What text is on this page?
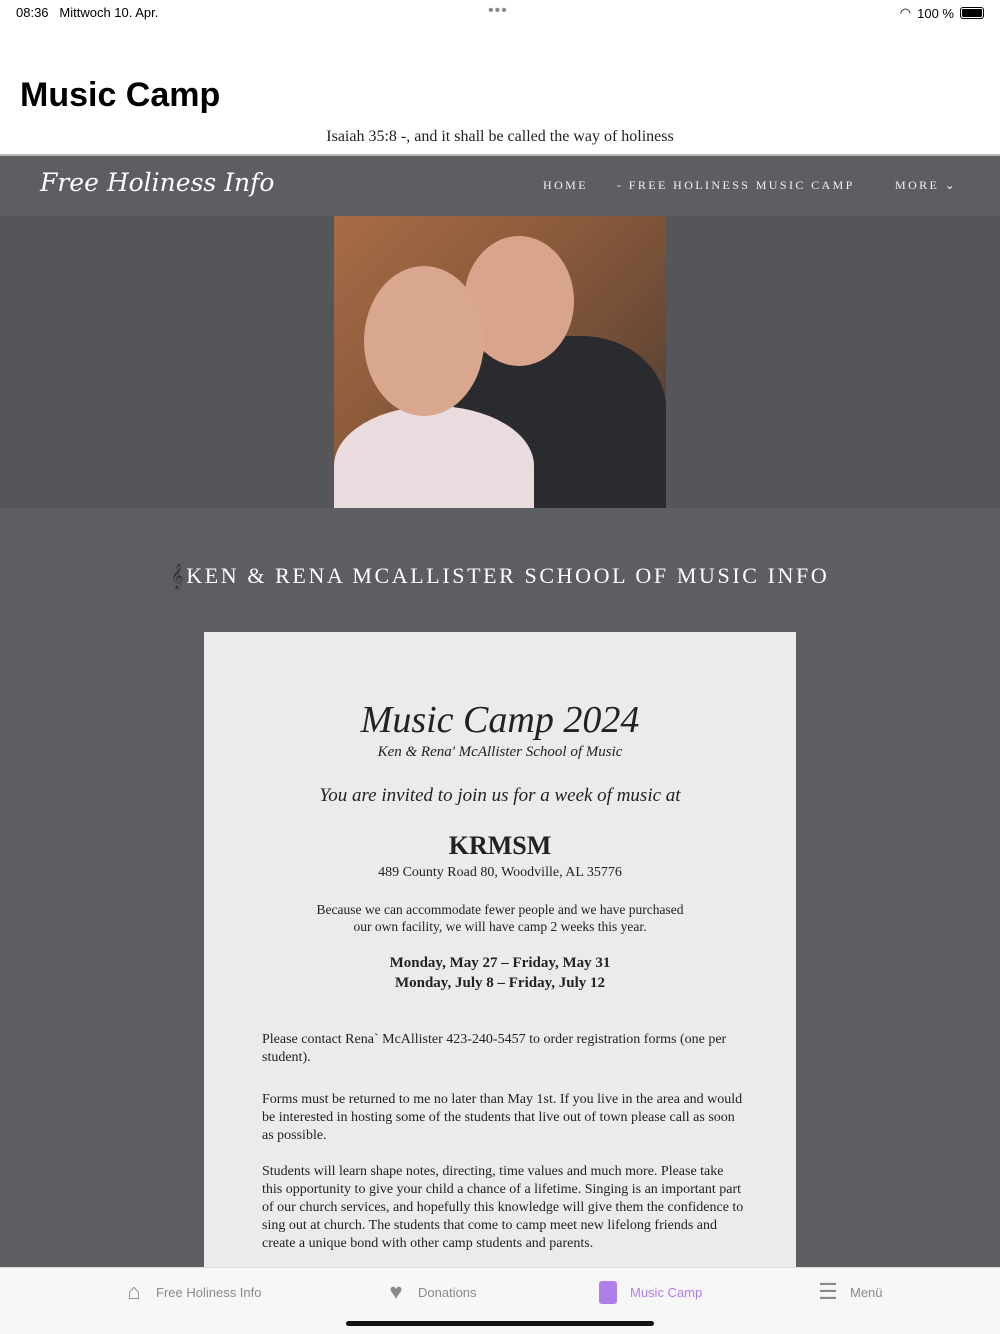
08:36 Mittwoch 10. Apr.	•••	◠ 100 %
Music Camp
Isaiah 35:8 -, and it shall be called the way of holiness
Free Holiness Info	HOME - FREE HOLINESS MUSIC CAMP	MORE ⌄
𝄞KEN & RENA MCALLISTER SCHOOL OF MUSIC INFO
Music Camp 2024
Ken & Rena' McAllister School of Music
You are invited to join us for a week of music at
KRMSM
489 County Road 80, Woodville, AL 35776
Because we can accommodate fewer people and we have purchased our own facility, we will have camp 2 weeks this year.
Monday, May 27 – Friday, May 31
Monday, July 8 – Friday, July 12
Please contact Rena` McAllister 423-240-5457 to order registration forms (one per student).
Forms must be returned to me no later than May 1st. If you live in the area and would be interested in hosting some of the students that live out of town please call as soon as possible.
Students will learn shape notes, directing, time values and much more. Please take this opportunity to give your child a chance of a lifetime. Singing is an important part of our church services, and hopefully this knowledge will give them the confidence to sing out at church. The students that come to camp meet new lifelong friends and create a unique bond with other camp students and parents.
⌂	Free Holiness Info	♥	Donations	Music Camp	☰ Menü
